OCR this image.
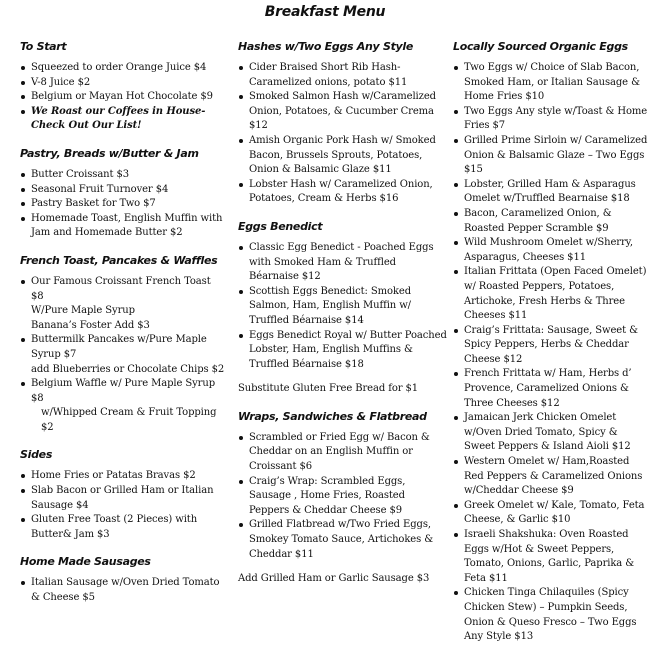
Breakfast Menu
To Start
Squeezed to order Orange Juice $4
V-8 Juice $2
Belgium or Mayan Hot Chocolate $9
We Roast our Coffees in House-Check Out Our List!
Pastry, Breads w/Butter & Jam
Butter Croissant $3
Seasonal Fruit Turnover $4
Pastry Basket for Two $7
Homemade Toast, English Muffin with Jam and Homemade Butter $2
French Toast, Pancakes & Waffles
Our Famous Croissant French Toast $8
W/Pure Maple Syrup
Banana’s Foster Add $3
Buttermilk Pancakes w/Pure Maple Syrup $7
add Blueberries or Chocolate Chips $2
Belgium Waffle w/ Pure Maple Syrup $8
w/Whipped Cream & Fruit Topping $2
Sides
Home Fries or Patatas Bravas $2
Slab Bacon or Grilled Ham or Italian Sausage $4
Gluten Free Toast (2 Pieces) with Butter& Jam $3
Home Made Sausages
Italian Sausage w/Oven Dried Tomato & Cheese $5
Hashes w/Two Eggs Any Style
Cider Braised Short Rib Hash-Caramelized onions, potato $11
Smoked Salmon Hash w/Caramelized Onion, Potatoes, & Cucumber Crema $12
Amish Organic Pork Hash w/ Smoked Bacon, Brussels Sprouts, Potatoes, Onion & Balsamic Glaze $11
Lobster Hash w/ Caramelized Onion, Potatoes, Cream & Herbs $16
Eggs Benedict
Classic Egg Benedict - Poached Eggs with Smoked Ham & Truffled Béarnaise $12
Scottish Eggs Benedict: Smoked Salmon, Ham, English Muffin w/ Truffled Béarnaise $14
Eggs Benedict Royal w/ Butter Poached Lobster, Ham, English Muffins & Truffled Béarnaise $18
Substitute Gluten Free Bread for $1
Wraps, Sandwiches & Flatbread
Scrambled or Fried Egg w/ Bacon & Cheddar on an English Muffin or Croissant $6
Craig’s Wrap: Scrambled Eggs, Sausage , Home Fries, Roasted Peppers & Cheddar Cheese $9
Grilled Flatbread w/Two Fried Eggs, Smokey Tomato Sauce, Artichokes & Cheddar $11
Add Grilled Ham or Garlic Sausage $3
Locally Sourced Organic Eggs
Two Eggs w/ Choice of Slab Bacon, Smoked Ham, or Italian Sausage & Home Fries $10
Two Eggs Any style w/Toast & Home Fries $7
Grilled Prime Sirloin w/ Caramelized Onion & Balsamic Glaze – Two Eggs $15
Lobster, Grilled Ham & Asparagus Omelet w/Truffled Bearnaise $18
Bacon, Caramelized Onion, & Roasted Pepper Scramble $9
Wild Mushroom Omelet w/Sherry, Asparagus, Cheeses $11
Italian Frittata (Open Faced Omelet) w/ Roasted Peppers, Potatoes, Artichoke, Fresh Herbs & Three Cheeses $11
Craig’s Frittata: Sausage, Sweet & Spicy Peppers, Herbs & Cheddar Cheese $12
French Frittata w/ Ham, Herbs d’ Provence, Caramelized Onions & Three Cheeses $12
Jamaican Jerk Chicken Omelet w/Oven Dried Tomato, Spicy & Sweet Peppers & Island Aioli $12
Western Omelet w/ Ham,Roasted Red Peppers & Caramelized Onions w/Cheddar Cheese $9
Greek Omelet w/ Kale, Tomato, Feta Cheese, & Garlic $10
Israeli Shakshuka: Oven Roasted Eggs w/Hot & Sweet Peppers, Tomato, Onions, Garlic, Paprika & Feta $11
Chicken Tinga Chilaquiles (Spicy Chicken Stew) – Pumpkin Seeds, Onion & Queso Fresco – Two Eggs Any Style $13
